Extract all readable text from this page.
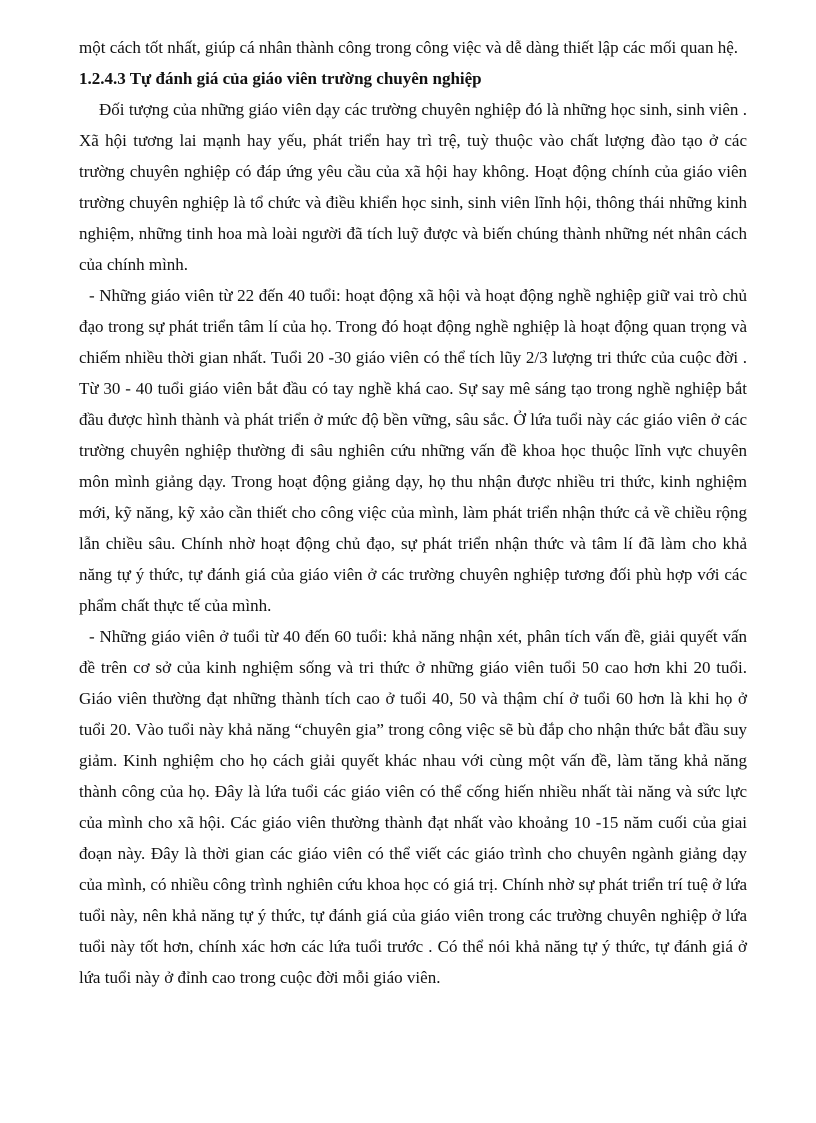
một cách tốt nhất, giúp cá nhân thành công trong công việc và dễ dàng thiết lập các mối quan hệ.

1.2.4.3 Tự đánh giá của giáo viên trường chuyên nghiệp

Đối tượng của những giáo viên dạy các trường chuyên nghiệp đó là những học sinh, sinh viên . Xã hội tương lai mạnh hay yếu, phát triển hay trì trệ, tuỳ thuộc vào chất lượng đào tạo ở các trường chuyên nghiệp có đáp ứng yêu cầu của xã hội hay không. Hoạt động chính của giáo viên trường chuyên nghiệp là tổ chức và điều khiển học sinh, sinh viên lĩnh hội, thông thái những kinh nghiệm, những tinh hoa mà loài người đã tích luỹ được và biến chúng thành những nét nhân cách của chính mình.

- Những giáo viên từ 22 đến 40 tuổi: hoạt động xã hội và hoạt động nghề nghiệp giữ vai trò chủ đạo trong sự phát triển tâm lí của họ. Trong đó hoạt động nghề nghiệp là hoạt động quan trọng và chiếm nhiều thời gian nhất. Tuổi 20 -30 giáo viên có thể tích lũy 2/3 lượng tri thức của cuộc đời . Từ 30 - 40 tuổi giáo viên bắt đầu có tay nghề khá cao. Sự say mê sáng tạo trong nghề nghiệp bắt đầu được hình thành và phát triển ở mức độ bền vững, sâu sắc. Ở lứa tuổi này các giáo viên ở các trường chuyên nghiệp thường đi sâu nghiên cứu những vấn đề khoa học thuộc lĩnh vực chuyên môn mình giảng dạy. Trong hoạt động giảng dạy, họ thu nhận được nhiều tri thức, kinh nghiệm mới, kỹ năng, kỹ xảo cần thiết cho công việc của mình, làm phát triển nhận thức cả về chiều rộng lẫn chiều sâu. Chính nhờ hoạt động chủ đạo, sự phát triển nhận thức và tâm lí đã làm cho khả năng tự ý thức, tự đánh giá của giáo viên ở các trường chuyên nghiệp tương đối phù hợp với các phẩm chất thực tế của mình.

- Những giáo viên ở tuổi từ 40 đến 60 tuổi: khả năng nhận xét, phân tích vấn đề, giải quyết vấn đề trên cơ sở của kinh nghiệm sống và tri thức ở những giáo viên tuổi 50 cao hơn khi 20 tuổi. Giáo viên thường đạt những thành tích cao ở tuổi 40, 50 và thậm chí ở tuổi 60 hơn là khi họ ở tuổi 20. Vào tuổi này khả năng “chuyên gia” trong công việc sẽ bù đắp cho nhận thức bắt đầu suy giảm. Kinh nghiệm cho họ cách giải quyết khác nhau với cùng một vấn đề, làm tăng khả năng thành công của họ. Đây là lứa tuổi các giáo viên có thể cống hiến nhiều nhất tài năng và sức lực của mình cho xã hội. Các giáo viên thường thành đạt nhất vào khoảng 10 -15 năm cuối của giai đoạn này. Đây là thời gian các giáo viên có thể viết các giáo trình cho chuyên ngành giảng dạy của mình, có nhiều công trình nghiên cứu khoa học có giá trị. Chính nhờ sự phát triển trí tuệ ở lứa tuổi này, nên khả năng tự ý thức, tự đánh giá của giáo viên trong các trường chuyên nghiệp ở lứa tuổi này tốt hơn, chính xác hơn các lứa tuổi trước . Có thể nói khả năng tự ý thức, tự đánh giá ở lứa tuổi này ở đỉnh cao trong cuộc đời mỗi giáo viên.
